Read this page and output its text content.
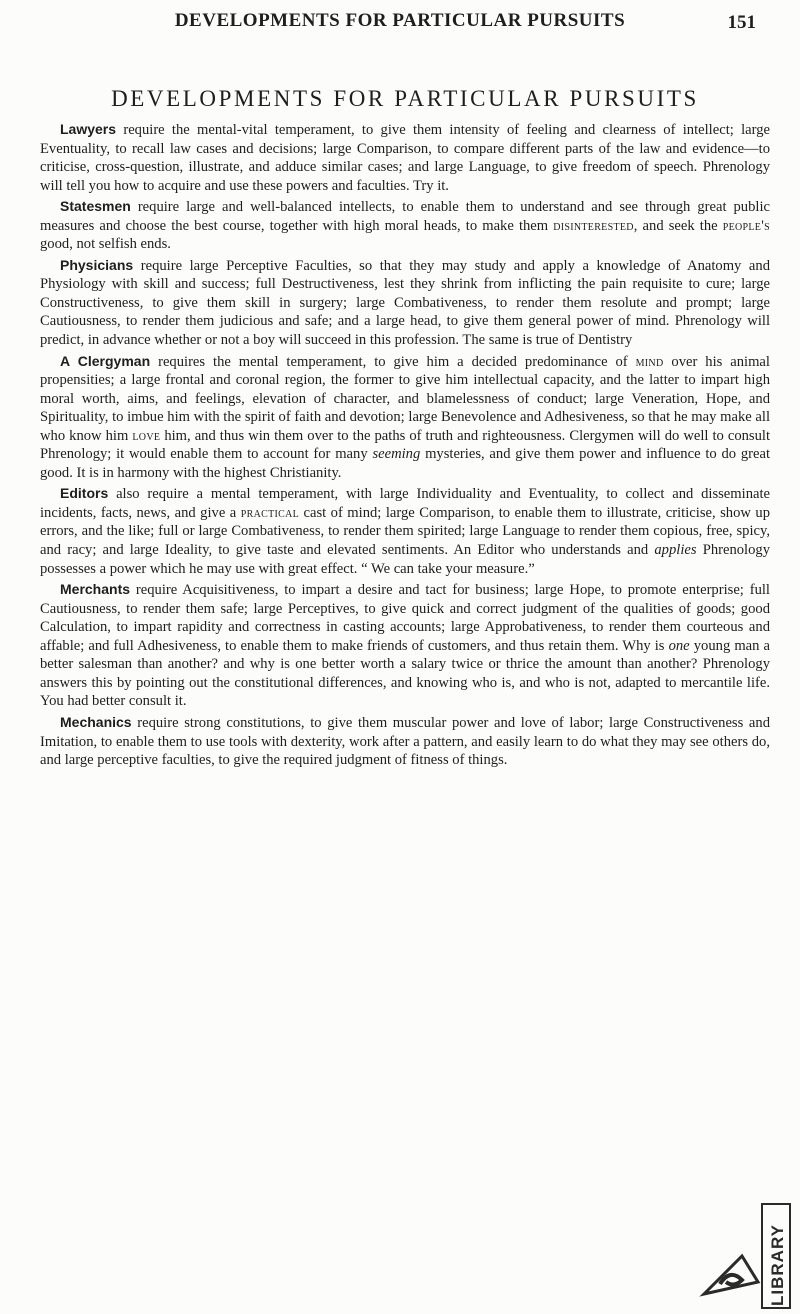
DEVELOPMENTS FOR PARTICULAR PURSUITS	151
DEVELOPMENTS FOR PARTICULAR PURSUITS

Lawyers require the mental-vital temperament, to give them intensity of feeling and clearness of intellect; large Eventuality, to recall law cases and decisions; large Comparison, to compare different parts of the law and evidence—to criticise, cross-question, illustrate, and adduce similar cases; and large Language, to give freedom of speech. Phrenology will tell you how to acquire and use these powers and faculties. Try it.

Statesmen require large and well-balanced intellects, to enable them to understand and see through great public measures and choose the best course, together with high moral heads, to make them disinterested, and seek the people's good, not selfish ends.

Physicians require large Perceptive Faculties, so that they may study and apply a knowledge of Anatomy and Physiology with skill and success; full Destructiveness, lest they shrink from inflicting the pain requisite to cure; large Constructiveness, to give them skill in surgery; large Combativeness, to render them resolute and prompt; large Cautiousness, to render them judicious and safe; and a large head, to give them general power of mind. Phrenology will predict, in advance whether or not a boy will succeed in this profession. The same is true of Dentistry

A Clergyman requires the mental temperament, to give him a decided predominance of mind over his animal propensities; a large frontal and coronal region, the former to give him intellectual capacity, and the latter to impart high moral worth, aims, and feelings, elevation of character, and blamelessness of conduct; large Veneration, Hope, and Spirituality, to imbue him with the spirit of faith and devotion; large Benevolence and Adhesiveness, so that he may make all who know him love him, and thus win them over to the paths of truth and righteousness. Clergymen will do well to consult Phrenology; it would enable them to account for many seeming mysteries, and give them power and influence to do great good. It is in harmony with the highest Christianity.

Editors also require a mental temperament, with large Individuality and Eventuality, to collect and disseminate incidents, facts, news, and give a practical cast of mind; large Comparison, to enable them to illustrate, criticise, show up errors, and the like; full or large Combativeness, to render them spirited; large Language to render them copious, free, spicy, and racy; and large Ideality, to give taste and elevated sentiments. An Editor who understands and applies Phrenology possesses a power which he may use with great effect. “ We can take your measure.”

Merchants require Acquisitiveness, to impart a desire and tact for business; large Hope, to promote enterprise; full Cautiousness, to render them safe; large Perceptives, to give quick and correct judgment of the qualities of goods; good Calculation, to impart rapidity and correctness in casting accounts; large Approbativeness, to render them courteous and affable; and full Adhesiveness, to enable them to make friends of customers, and thus retain them. Why is one young man a better salesman than another? and why is one better worth a salary twice or thrice the amount than another? Phrenology answers this by pointing out the constitutional differences, and knowing who is, and who is not, adapted to mercantile life. You had better consult it.

Mechanics require strong constitutions, to give them muscular power and love of labor; large Constructiveness and Imitation, to enable them to use tools with dexterity, work after a pattern, and easily learn to do what they may see others do, and large perceptive faculties, to give the required judgment of fitness of things.

LIBRARY
